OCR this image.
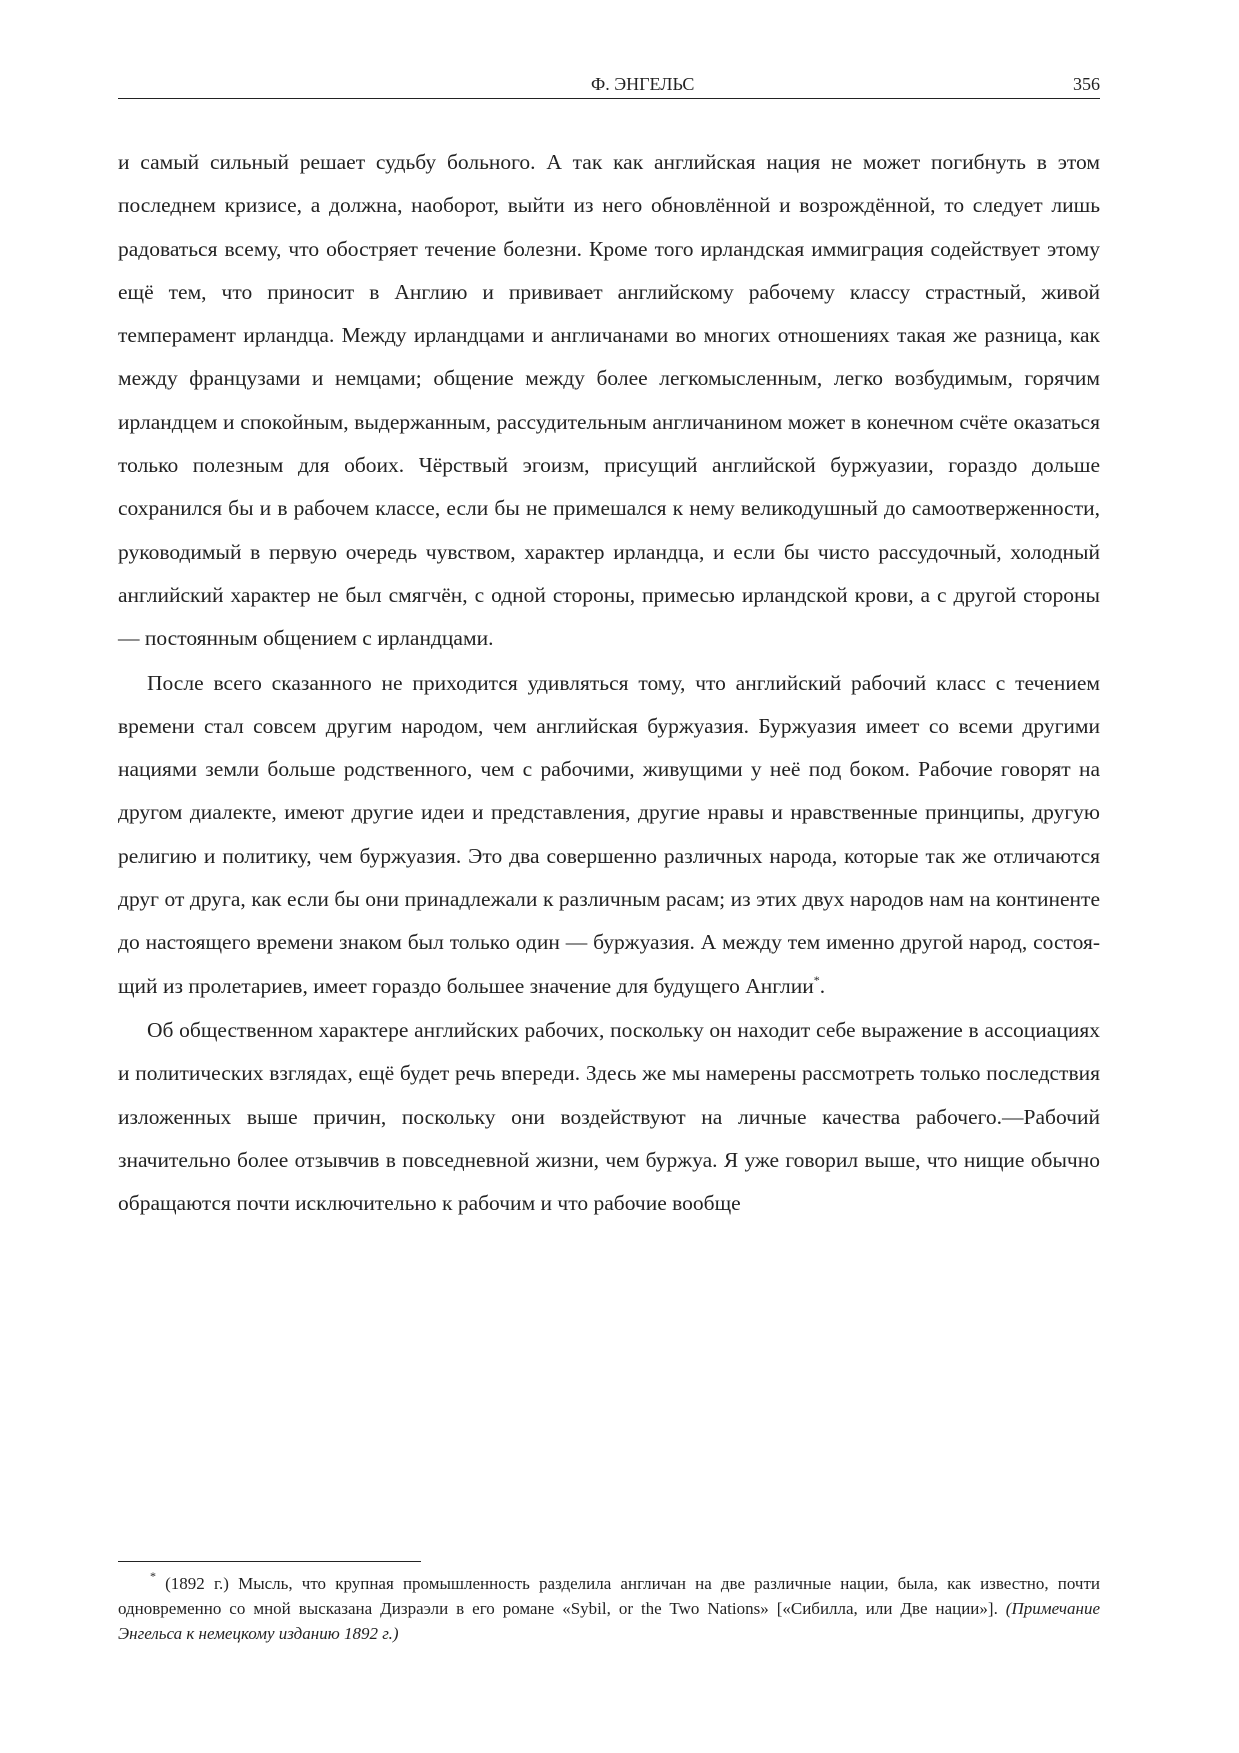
Ф. ЭНГЕЛЬС	356

и самый сильный решает судьбу больного. А так как английская нация не может погибнуть в этом последнем кризисе, а должна, наоборот, выйти из него обновлённой и возрождённой, то следует лишь радоваться всему, что обостряет течение болезни. Кроме того ирландская иммиграция содействует этому ещё тем, что приносит в Англию и прививает английскому рабочему классу страстный, живой темперамент ирландца. Между ирландцами и англичанами во многих отношениях такая же разница, как между французами и немцами; общение между более легкомысленным, легко возбудимым, горячим ирландцем и спокойным, выдержанным, рассудительным англичанином может в конечном счёте оказаться только полезным для обоих. Чёрствый эгоизм, присущий английской буржуазии, гораздо дольше сохранился бы и в рабочем классе, если бы не примешался к нему великодушный до самоотверженности, руководимый в первую очередь чувством, характер ирландца, и если бы чисто рассудочный, холодный английский характер не был смягчён, с одной стороны, примесью ирландской крови, а с другой стороны — постоянным общением с ирландцами.

После всего сказанного не приходится удивляться тому, что английский рабочий класс с течением времени стал совсем другим народом, чем английская буржуазия. Буржуазия имеет со всеми другими нациями земли больше родственного, чем с рабочими, живущими у неё под боком. Рабочие говорят на другом диалекте, имеют другие идеи и представления, другие нравы и нравственные принципы, другую религию и политику, чем буржуазия. Это два совершенно различных народа, которые так же отличаются друг от друга, как если бы они принадлежали к различным расам; из этих двух народов нам на континенте до настоящего времени знаком был только один — буржуазия. А между тем именно другой народ, состоящий из пролетариев, имеет гораздо большее значение для будущего Англии*.

Об общественном характере английских рабочих, поскольку он находит себе выражение в ассоциациях и политических взглядах, ещё будет речь впереди. Здесь же мы намерены рассмотреть только последствия изложенных выше причин, поскольку они воздействуют на личные качества рабочего.—Рабочий значительно более отзывчив в повседневной жизни, чем буржуа. Я уже говорил выше, что нищие обычно обращаются почти исключительно к рабочим и что рабочие вообще

* (1892 г.) Мысль, что крупная промышленность разделила англичан на две различные нации, была, как известно, почти одновременно со мной высказана Дизраэли в его романе «Sybil, or the Two Nations» [«Сибилла, или Две нации»]. (Примечание Энгельса к немецкому изданию 1892 г.)
